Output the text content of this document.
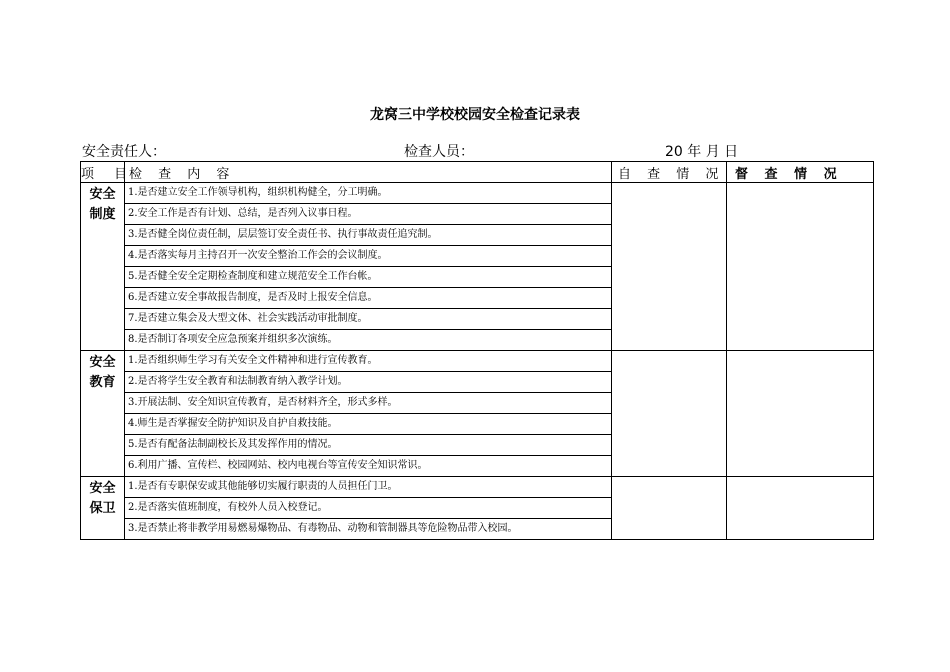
龙窝三中学校校园安全检查记录表
安全责任人：	检查人员：	20 年 月 日
项 目	检 查 内 容	自 查 情 况	督 查 情 况

安全
制度	1.是否建立安全工作领导机构，组织机构健全，分工明确。		
	2.安全工作是否有计划、总结，是否列入议事日程。		
	3.是否健全岗位责任制，层层签订安全责任书、执行事故责任追究制。		
	4.是否落实每月主持召开一次安全整治工作会的会议制度。		
	5.是否健全安全定期检查制度和建立规范安全工作台帐。		
	6.是否建立安全事故报告制度，是否及时上报安全信息。		
	7.是否建立集会及大型文体、社会实践活动审批制度。		
	8.是否制订各项安全应急预案并组织多次演练。		

安全
教育	1.是否组织师生学习有关安全文件精神和进行宣传教育。		
	2.是否将学生安全教育和法制教育纳入教学计划。		
	3.开展法制、安全知识宣传教育，是否材料齐全，形式多样。		
	4.师生是否掌握安全防护知识及自护自救技能。		
	5.是否有配备法制副校长及其发挥作用的情况。		
	6.利用广播、宣传栏、校园网站、校内电视台等宣传安全知识常识。		

安全
保卫	1.是否有专职保安或其他能够切实履行职责的人员担任门卫。		
	2.是否落实值班制度，有校外人员入校登记。		
	3.是否禁止将非教学用易燃易爆物品、有毒物品、动物和管制器具等危险物品带入校园。		
